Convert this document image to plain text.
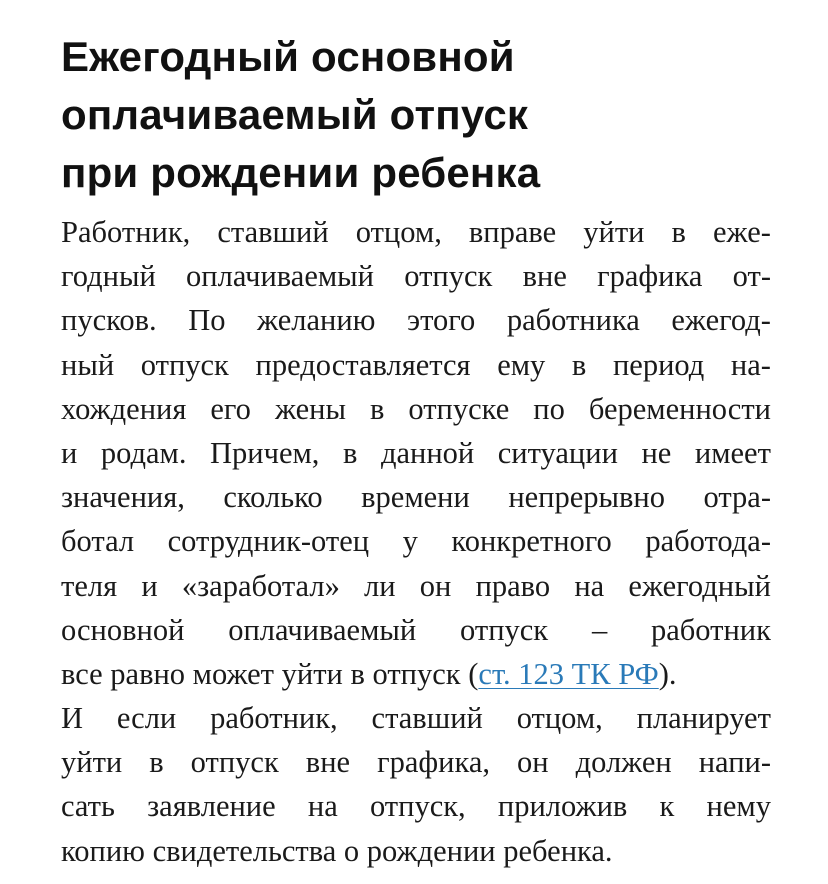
Ежегодный основной
оплачиваемый отпуск
при рождении ребенка
Работник, ставший отцом, вправе уйти в еже-
годный оплачиваемый отпуск вне графика от-
пусков. По желанию этого работника ежегод-
ный отпуск предоставляется ему в период на-
хождения его жены в отпуске по беременности
и родам. Причем, в данной ситуации не имеет
значения, сколько времени непрерывно отра-
ботал сотрудник-отец у конкретного работода-
теля и «заработал» ли он право на ежегодный
основной оплачиваемый отпуск – работник
все равно может уйти в отпуск (ст. 123 ТК РФ).
И если работник, ставший отцом, планирует
уйти в отпуск вне графика, он должен напи-
сать заявление на отпуск, приложив к нему
копию свидетельства о рождении ребенка.
